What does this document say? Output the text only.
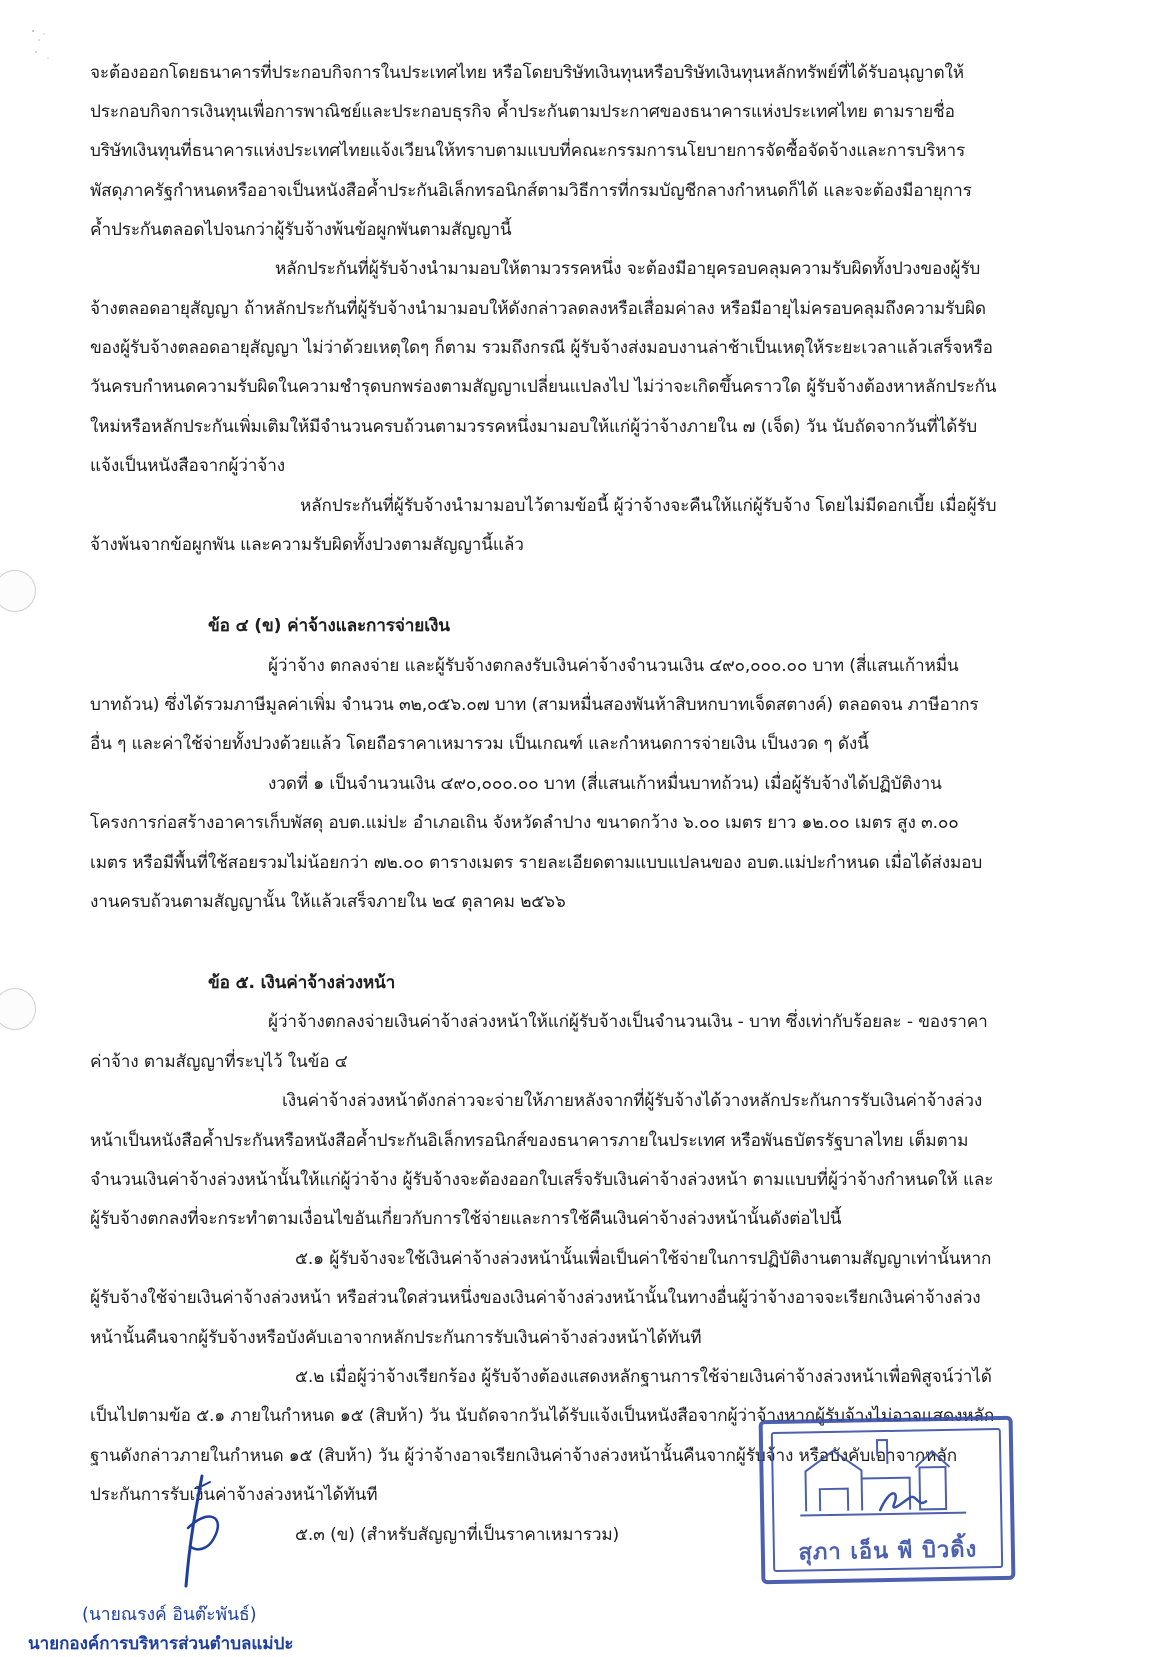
จะต้องออกโดยธนาคารที่ประกอบกิจการในประเทศไทย หรือโดยบริษัทเงินทุนหรือบริษัทเงินทุนหลักทรัพย์ที่ได้รับอนุญาตให้
ประกอบกิจการเงินทุนเพื่อการพาณิชย์และประกอบธุรกิจ ค้ำประกันตามประกาศของธนาคารแห่งประเทศไทย ตามรายชื่อ
บริษัทเงินทุนที่ธนาคารแห่งประเทศไทยแจ้งเวียนให้ทราบตามแบบที่คณะกรรมการนโยบายการจัดซื้อจัดจ้างและการบริหาร
พัสดุภาครัฐกำหนดหรืออาจเป็นหนังสือค้ำประกันอิเล็กทรอนิกส์ตามวิธีการที่กรมบัญชีกลางกำหนดก็ได้ และจะต้องมีอายุการ
ค้ำประกันตลอดไปจนกว่าผู้รับจ้างพ้นข้อผูกพันตามสัญญานี้
หลักประกันที่ผู้รับจ้างนำมามอบให้ตามวรรคหนึ่ง จะต้องมีอายุครอบคลุมความรับผิดทั้งปวงของผู้รับ
จ้างตลอดอายุสัญญา ถ้าหลักประกันที่ผู้รับจ้างนำมามอบให้ดังกล่าวลดลงหรือเสื่อมค่าลง หรือมีอายุไม่ครอบคลุมถึงความรับผิด
ของผู้รับจ้างตลอดอายุสัญญา ไม่ว่าด้วยเหตุใดๆ ก็ตาม รวมถึงกรณี ผู้รับจ้างส่งมอบงานล่าช้าเป็นเหตุให้ระยะเวลาแล้วเสร็จหรือ
วันครบกำหนดความรับผิดในความชำรุดบกพร่องตามสัญญาเปลี่ยนแปลงไป ไม่ว่าจะเกิดขึ้นคราวใด ผู้รับจ้างต้องหาหลักประกัน
ใหม่หรือหลักประกันเพิ่มเติมให้มีจำนวนครบถ้วนตามวรรคหนึ่งมามอบให้แก่ผู้ว่าจ้างภายใน ๗ (เจ็ด) วัน นับถัดจากวันที่ได้รับ
แจ้งเป็นหนังสือจากผู้ว่าจ้าง
หลักประกันที่ผู้รับจ้างนำมามอบไว้ตามข้อนี้ ผู้ว่าจ้างจะคืนให้แก่ผู้รับจ้าง โดยไม่มีดอกเบี้ย เมื่อผู้รับ
จ้างพ้นจากข้อผูกพัน และความรับผิดทั้งปวงตามสัญญานี้แล้ว
ข้อ ๔ (ข) ค่าจ้างและการจ่ายเงิน
ผู้ว่าจ้าง ตกลงจ่าย และผู้รับจ้างตกลงรับเงินค่าจ้างจำนวนเงิน ๔๙๐,๐๐๐.๐๐ บาท (สี่แสนเก้าหมื่น
บาทถ้วน) ซึ่งได้รวมภาษีมูลค่าเพิ่ม จำนวน ๓๒,๐๕๖.๐๗ บาท (สามหมื่นสองพันห้าสิบหกบาทเจ็ดสตางค์) ตลอดจน ภาษีอากร
อื่น ๆ และค่าใช้จ่ายทั้งปวงด้วยแล้ว โดยถือราคาเหมารวม เป็นเกณฑ์ และกำหนดการจ่ายเงิน เป็นงวด ๆ ดังนี้
งวดที่ ๑ เป็นจำนวนเงิน ๔๙๐,๐๐๐.๐๐ บาท (สี่แสนเก้าหมื่นบาทถ้วน) เมื่อผู้รับจ้างได้ปฏิบัติงาน
โครงการก่อสร้างอาคารเก็บพัสดุ อบต.แม่ปะ อำเภอเถิน จังหวัดลำปาง ขนาดกว้าง ๖.๐๐ เมตร ยาว ๑๒.๐๐ เมตร สูง ๓.๐๐
เมตร หรือมีพื้นที่ใช้สอยรวมไม่น้อยกว่า ๗๒.๐๐ ตารางเมตร รายละเอียดตามแบบแปลนของ อบต.แม่ปะกำหนด เมื่อได้ส่งมอบ
งานครบถ้วนตามสัญญานั้น ให้แล้วเสร็จภายใน ๒๔ ตุลาคม ๒๕๖๖
ข้อ ๕. เงินค่าจ้างล่วงหน้า
ผู้ว่าจ้างตกลงจ่ายเงินค่าจ้างล่วงหน้าให้แก่ผู้รับจ้างเป็นจำนวนเงิน - บาท ซึ่งเท่ากับร้อยละ - ของราคา
ค่าจ้าง ตามสัญญาที่ระบุไว้ ในข้อ ๔
เงินค่าจ้างล่วงหน้าดังกล่าวจะจ่ายให้ภายหลังจากที่ผู้รับจ้างได้วางหลักประกันการรับเงินค่าจ้างล่วง
หน้าเป็นหนังสือค้ำประกันหรือหนังสือค้ำประกันอิเล็กทรอนิกส์ของธนาคารภายในประเทศ หรือพันธบัตรรัฐบาลไทย เต็มตาม
จำนวนเงินค่าจ้างล่วงหน้านั้นให้แก่ผู้ว่าจ้าง ผู้รับจ้างจะต้องออกใบเสร็จรับเงินค่าจ้างล่วงหน้า ตามแบบที่ผู้ว่าจ้างกำหนดให้ และ
ผู้รับจ้างตกลงที่จะกระทำตามเงื่อนไขอันเกี่ยวกับการใช้จ่ายและการใช้คืนเงินค่าจ้างล่วงหน้านั้นดังต่อไปนี้
๕.๑ ผู้รับจ้างจะใช้เงินค่าจ้างล่วงหน้านั้นเพื่อเป็นค่าใช้จ่ายในการปฏิบัติงานตามสัญญาเท่านั้นหาก
ผู้รับจ้างใช้จ่ายเงินค่าจ้างล่วงหน้า หรือส่วนใดส่วนหนึ่งของเงินค่าจ้างล่วงหน้านั้นในทางอื่นผู้ว่าจ้างอาจจะเรียกเงินค่าจ้างล่วง
หน้านั้นคืนจากผู้รับจ้างหรือบังคับเอาจากหลักประกันการรับเงินค่าจ้างล่วงหน้าได้ทันที
๕.๒ เมื่อผู้ว่าจ้างเรียกร้อง ผู้รับจ้างต้องแสดงหลักฐานการใช้จ่ายเงินค่าจ้างล่วงหน้าเพื่อพิสูจน์ว่าได้
เป็นไปตามข้อ ๕.๑ ภายในกำหนด ๑๕ (สิบห้า) วัน นับถัดจากวันได้รับแจ้งเป็นหนังสือจากผู้ว่าจ้างหากผู้รับจ้างไม่อาจแสดงหลัก
ฐานดังกล่าวภายในกำหนด ๑๕ (สิบห้า) วัน ผู้ว่าจ้างอาจเรียกเงินค่าจ้างล่วงหน้านั้นคืนจากผู้รับจ้าง หรือบังคับเอาจากหลัก
ประกันการรับเงินค่าจ้างล่วงหน้าได้ทันที
๕.๓ (ข) (สำหรับสัญญาที่เป็นราคาเหมารวม)
สุภา เอ็น พี บิวดิ้ง
(นายณรงค์ อินต๊ะพันธ์)
นายกองค์การบริหารส่วนตำบลแม่ปะ
